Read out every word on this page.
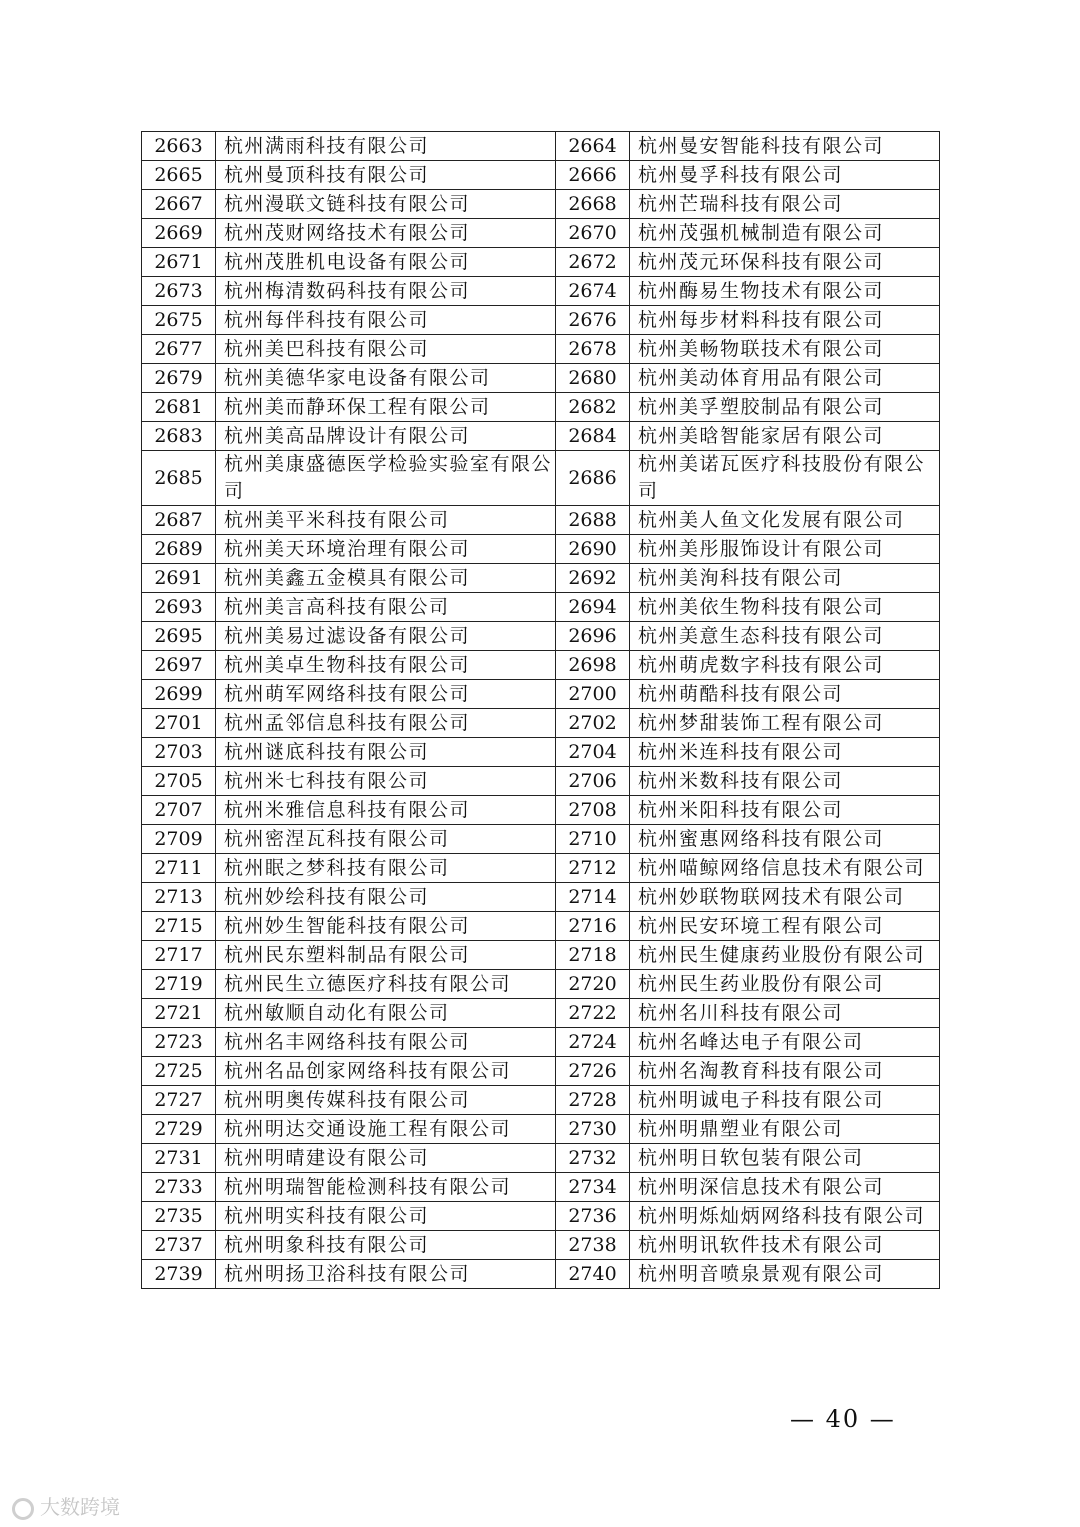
2663	杭州满雨科技有限公司	2664	杭州曼安智能科技有限公司
2665	杭州曼顶科技有限公司	2666	杭州曼孚科技有限公司
2667	杭州漫联文链科技有限公司	2668	杭州芒瑞科技有限公司
2669	杭州茂财网络技术有限公司	2670	杭州茂强机械制造有限公司
2671	杭州茂胜机电设备有限公司	2672	杭州茂元环保科技有限公司
2673	杭州梅清数码科技有限公司	2674	杭州酶易生物技术有限公司
2675	杭州每伴科技有限公司	2676	杭州每步材料科技有限公司
2677	杭州美巴科技有限公司	2678	杭州美畅物联技术有限公司
2679	杭州美德华家电设备有限公司	2680	杭州美动体育用品有限公司
2681	杭州美而静环保工程有限公司	2682	杭州美孚塑胶制品有限公司
2683	杭州美高品牌设计有限公司	2684	杭州美晗智能家居有限公司
2685	杭州美康盛德医学检验实验室有限公司	2686	杭州美诺瓦医疗科技股份有限公司
2687	杭州美平米科技有限公司	2688	杭州美人鱼文化发展有限公司
2689	杭州美天环境治理有限公司	2690	杭州美彤服饰设计有限公司
2691	杭州美鑫五金模具有限公司	2692	杭州美洵科技有限公司
2693	杭州美言高科技有限公司	2694	杭州美依生物科技有限公司
2695	杭州美易过滤设备有限公司	2696	杭州美意生态科技有限公司
2697	杭州美卓生物科技有限公司	2698	杭州萌虎数字科技有限公司
2699	杭州萌军网络科技有限公司	2700	杭州萌酷科技有限公司
2701	杭州孟邻信息科技有限公司	2702	杭州梦甜装饰工程有限公司
2703	杭州谜底科技有限公司	2704	杭州米连科技有限公司
2705	杭州米七科技有限公司	2706	杭州米数科技有限公司
2707	杭州米雅信息科技有限公司	2708	杭州米阳科技有限公司
2709	杭州密涅瓦科技有限公司	2710	杭州蜜惠网络科技有限公司
2711	杭州眠之梦科技有限公司	2712	杭州喵鲸网络信息技术有限公司
2713	杭州妙绘科技有限公司	2714	杭州妙联物联网技术有限公司
2715	杭州妙生智能科技有限公司	2716	杭州民安环境工程有限公司
2717	杭州民东塑料制品有限公司	2718	杭州民生健康药业股份有限公司
2719	杭州民生立德医疗科技有限公司	2720	杭州民生药业股份有限公司
2721	杭州敏顺自动化有限公司	2722	杭州名川科技有限公司
2723	杭州名丰网络科技有限公司	2724	杭州名峰达电子有限公司
2725	杭州名品创家网络科技有限公司	2726	杭州名淘教育科技有限公司
2727	杭州明奥传媒科技有限公司	2728	杭州明诚电子科技有限公司
2729	杭州明达交通设施工程有限公司	2730	杭州明鼎塑业有限公司
2731	杭州明晴建设有限公司	2732	杭州明日软包装有限公司
2733	杭州明瑞智能检测科技有限公司	2734	杭州明深信息技术有限公司
2735	杭州明实科技有限公司	2736	杭州明烁灿炳网络科技有限公司
2737	杭州明象科技有限公司	2738	杭州明讯软件技术有限公司
2739	杭州明扬卫浴科技有限公司	2740	杭州明音喷泉景观有限公司
— 40 —
大数跨境
